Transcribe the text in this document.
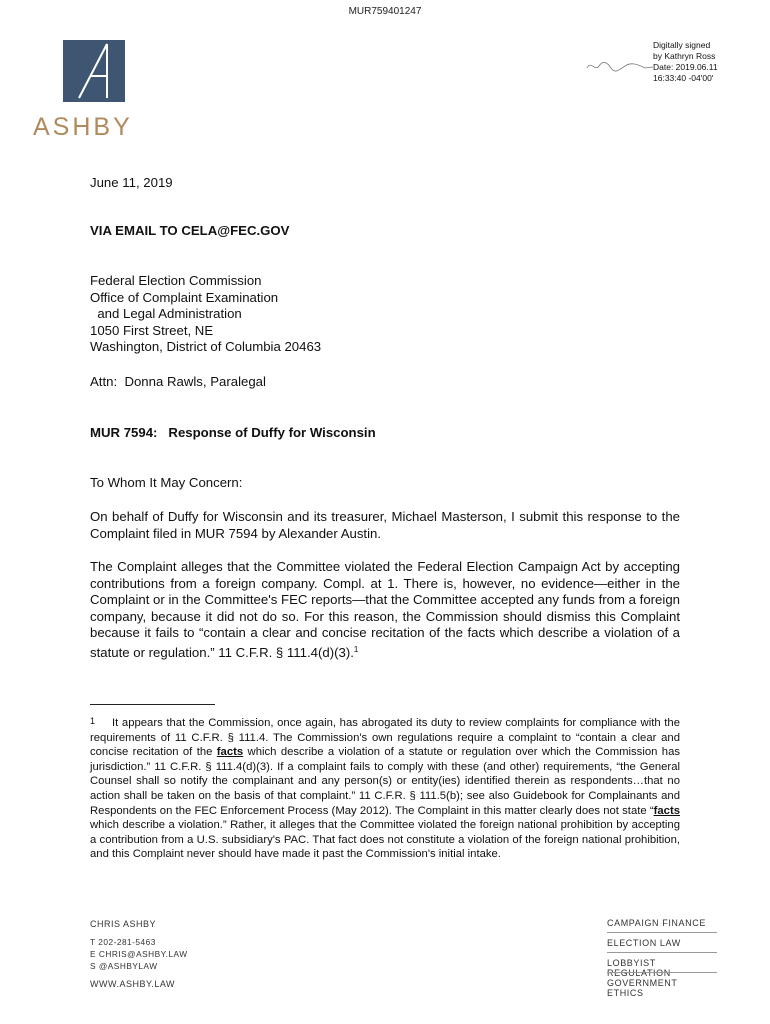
MUR759401247
ASHBY
Digitally signed
by Kathryn Ross
Date: 2019.06.11
16:33:40 -04'00'
June 11, 2019
VIA EMAIL TO CELA@FEC.GOV
Federal Election Commission
Office of Complaint Examination
and Legal Administration
1050 First Street, NE
Washington, District of Columbia 20463
Attn:  Donna Rawls, Paralegal
MUR 7594:   Response of Duffy for Wisconsin
To Whom It May Concern:
On behalf of Duffy for Wisconsin and its treasurer, Michael Masterson, I submit this response to the Complaint filed in MUR 7594 by Alexander Austin.
The Complaint alleges that the Committee violated the Federal Election Campaign Act by accepting contributions from a foreign company. Compl. at 1. There is, however, no evidence—either in the Complaint or in the Committee's FEC reports—that the Committee accepted any funds from a foreign company, because it did not do so. For this reason, the Commission should dismiss this Complaint because it fails to “contain a clear and concise recitation of the facts which describe a violation of a statute or regulation.” 11 C.F.R. § 111.4(d)(3).$^1$
1 It appears that the Commission, once again, has abrogated its duty to review complaints for compliance with the requirements of 11 C.F.R. § 111.4. The Commission's own regulations require a complaint to “contain a clear and concise recitation of the facts which describe a violation of a statute or regulation over which the Commission has jurisdiction.” 11 C.F.R. § 111.4(d)(3). If a complaint fails to comply with these (and other) requirements, “the General Counsel shall so notify the complainant and any person(s) or entity(ies) identified therein as respondents…that no action shall be taken on the basis of that complaint.” 11 C.F.R. § 111.5(b); see also Guidebook for Complainants and Respondents on the FEC Enforcement Process (May 2012). The Complaint in this matter clearly does not state “facts which describe a violation.” Rather, it alleges that the Committee violated the foreign national prohibition by accepting a contribution from a U.S. subsidiary's PAC. That fact does not constitute a violation of the foreign national prohibition, and this Complaint never should have made it past the Commission's initial intake.
CHRIS ASHBY
T 202-281-5463
E CHRIS@ASHBY.LAW
S @ASHBYLAW
WWW.ASHBY.LAW
CAMPAIGN FINANCE
ELECTION LAW
LOBBYIST REGULATION
GOVERNMENT ETHICS
